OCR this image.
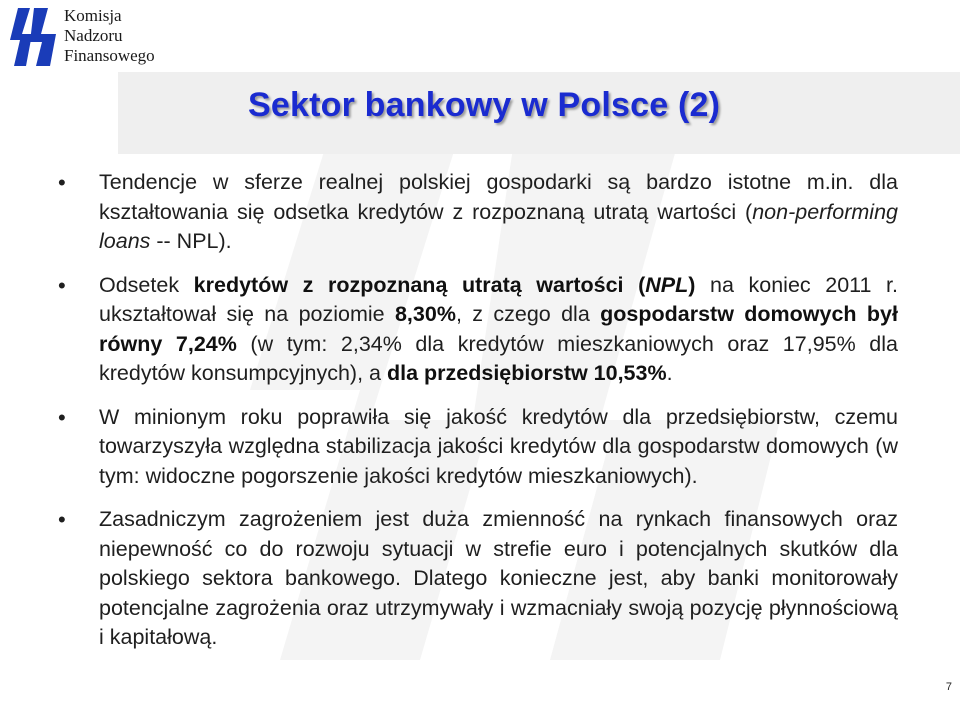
Komisja
Nadzoru
Finansowego
Sektor bankowy w Polsce (2)
• Tendencje w sferze realnej polskiej gospodarki są bardzo istotne m.in. dla kształtowania się odsetka kredytów z rozpoznaną utratą wartości (non-performing loans -- NPL).
• Odsetek kredytów z rozpoznaną utratą wartości (NPL) na koniec 2011 r. ukształtował się na poziomie 8,30%, z czego dla gospodarstw domowych był równy 7,24% (w tym: 2,34% dla kredytów mieszkaniowych oraz 17,95% dla kredytów konsumpcyjnych), a dla przedsiębiorstw 10,53%.
• W minionym roku poprawiła się jakość kredytów dla przedsiębiorstw, czemu towarzyszyła względna stabilizacja jakości kredytów dla gospodarstw domowych (w tym: widoczne pogorszenie jakości kredytów mieszkaniowych).
• Zasadniczym zagrożeniem jest duża zmienność na rynkach finansowych oraz niepewność co do rozwoju sytuacji w strefie euro i potencjalnych skutków dla polskiego sektora bankowego. Dlatego konieczne jest, aby banki monitorowały potencjalne zagrożenia oraz utrzymywały i wzmacniały swoją pozycję płynnościową i kapitałową.
7
